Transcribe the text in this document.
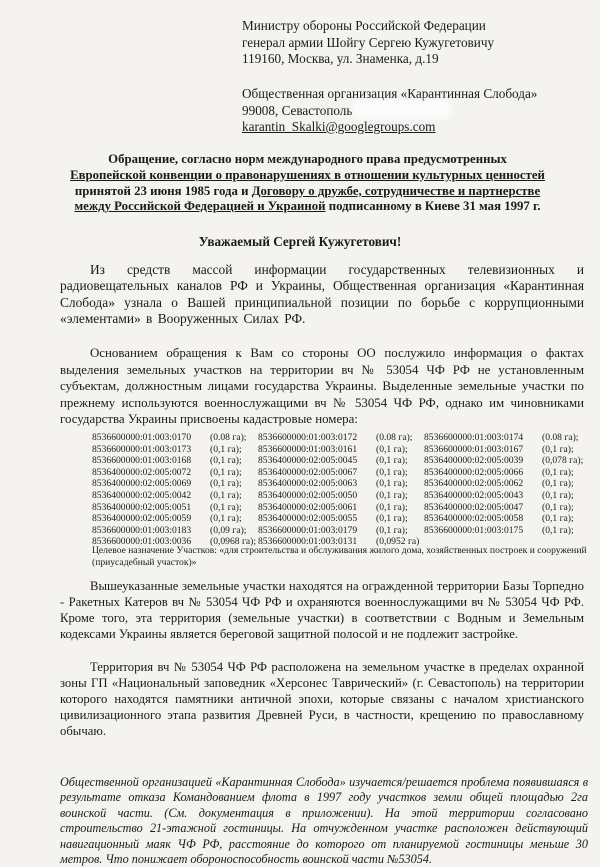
Министру обороны Российской Федерации
генерал армии Шойгу Сергею Кужугетовичу
119160, Москва, ул. Знаменка, д.19
Общественная организация «Карантинная Слобода»
99008, Севастополь
karantin_Skalki@googlegroups.com
Обращение, согласно норм международного права предусмотренных
Европейской конвенции о правонарушениях в отношении культурных ценностей
принятой 23 июня 1985 года и Договору о дружбе, сотрудничестве и партнерстве
между Российской Федерацией и Украиной подписанному в Киеве 31 мая 1997 г.
Уважаемый Сергей Кужугетович!
Из средств массой информации государственных телевизионных и радиовещательных каналов РФ и Украины, Общественная организация «Карантинная Слобода» узнала о Вашей принципиальной позиции по борьбе с коррупционными «элементами» в Вооруженных Силах РФ.
Основанием обращения к Вам со стороны ОО послужило информация о фактах выделения земельных участков на территории вч № 53054 ЧФ РФ не установленным субъектам, должностным лицами государства Украины. Выделенные земельные участки по прежнему используются военнослужащими вч № 53054 ЧФ РФ, однако им чиновниками государства Украины присвоены кадастровые номера:
8536600000:01:003:0170	(0.08 га);	8536600000:01:003:0172	(0.08 га);	8536600000:01:003:0174	(0.08 га);
8536600000:01:003:0173	(0,1 га);	8536600000:01:003:0161	(0,1 га);	8536600000:01:003:0167	(0,1 га);
8536600000:01:003:0168	(0,1 га);	8536400000:02:005:0045	(0,1 га);	8536400000:02:005:0039	(0,078 га);
8536400000:02:005:0072	(0,1 га);	8536400000:02:005:0067	(0,1 га);	8536400000:02:005:0066	(0,1 га);
8536400000:02:005:0069	(0,1 га);	8536400000:02:005:0063	(0,1 га);	8536400000:02:005:0062	(0,1 га);
8536400000:02:005:0042	(0,1 га);	8536400000:02:005:0050	(0,1 га);	8536400000:02:005:0043	(0,1 га);
8536400000:02:005:0051	(0,1 га);	8536400000:02:005:0061	(0,1 га);	8536400000:02:005:0047	(0,1 га);
8536400000:02:005:0059	(0,1 га);	8536400000:02:005:0055	(0,1 га);	8536400000:02:005:0058	(0,1 га);
8536600000:01:003:0183	(0,09 га);	8536600000:01:003:0179	(0,1 га);	8536600000:01:003:0175	(0,1 га);
8536600000:01:003:0036	(0,0968 га); 8536600000:01:003:0131	(0,0952 га)
Целевое назначение Участков: «для строительства и обслуживания жилого дома, хозяйственных построек и сооружений (приусадебный участок)»
Вышеуказанные земельные участки находятся на огражденной территории Базы Торпедно - Ракетных Катеров вч № 53054 ЧФ РФ и охраняются военнослужащими вч № 53054 ЧФ РФ. Кроме того, эта территория (земельные участки) в соответствии с Водным и Земельным кодексами Украины является береговой защитной полосой и не подлежит застройке.
Территория вч № 53054 ЧФ РФ расположена на земельном участке в пределах охранной зоны ГП «Национальный заповедник «Херсонес Таврический» (г. Севастополь) на территории которого находятся памятники античной эпохи, которые связаны с началом христианского цивилизационного этапа развития Древней Руси, в частности, крещению по православному обычаю.
Общественной организацией «Карантинная Слобода» изучается/решается проблема появившаяся в результате отказа Командованием флота в 1997 году участков земли общей площадью 2га воинской части. (См. документация в приложении). На этой территории согласовано строительство 21-этажной гостиницы. На отчужденном участке расположен действующий навигационный маяк ЧФ РФ, расстояние до которого от планируемой гостиницы меньше 30 метров. Что понижает обороноспособность воинской части №53054.
